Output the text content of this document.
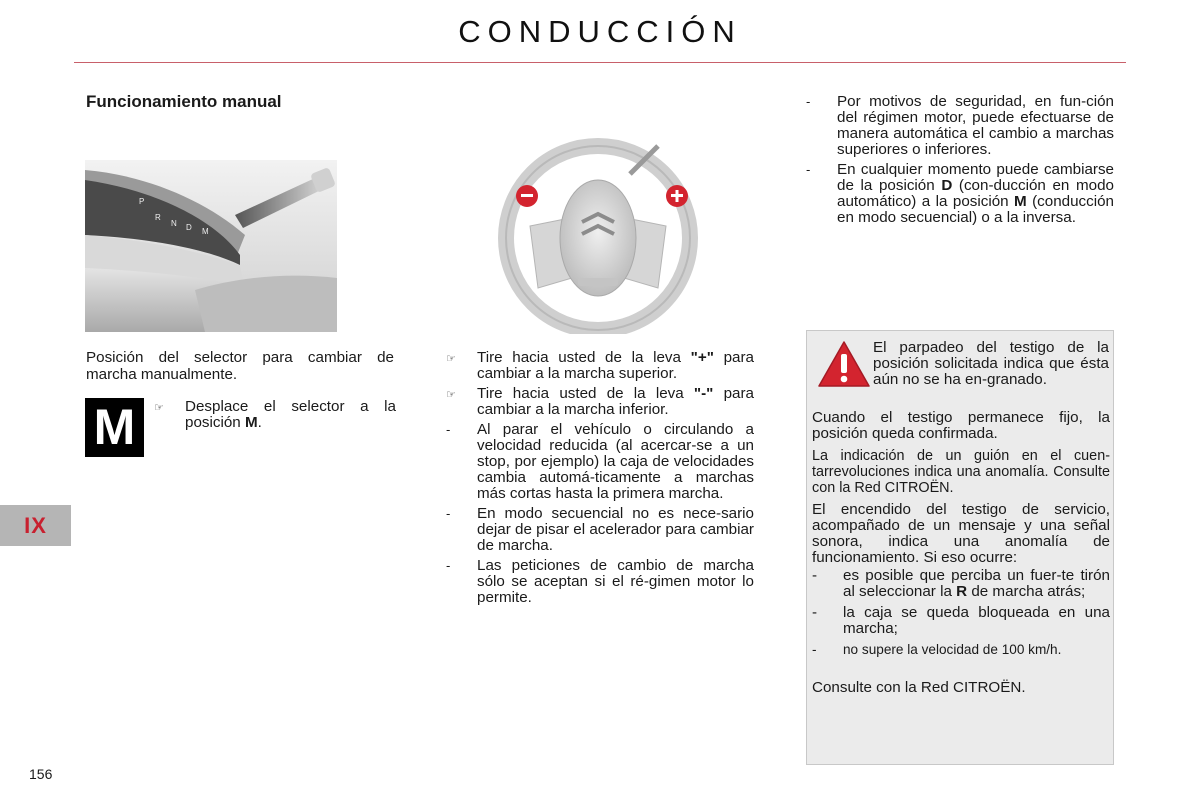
CONDUCCIÓN
Funcionamiento manual
P
R
N D M

Posición del selector para cambiar de marcha manualmente.

M	☞	Desplace el selector a la posición M.
☞	Tire hacia usted de la leva "+" para cambiar a la marcha superior.
☞	Tire hacia usted de la leva "-" para cambiar a la marcha inferior.
-	Al parar el vehículo o circulando a velocidad reducida (al acercar-se a un stop, por ejemplo) la caja de velocidades cambia automá-ticamente a marchas más cortas hasta la primera marcha.
-	En modo secuencial no es nece-sario dejar de pisar el acelerador para cambiar de marcha.
-	Las peticiones de cambio de marcha sólo se aceptan si el ré-gimen motor lo permite.
-	Por motivos de seguridad, en fun-ción del régimen motor, puede efectuarse de manera automática el cambio a marchas superiores o inferiores.
-	En cualquier momento puede cambiarse de la posición D (con-ducción en modo automático) a la posición M (conducción en modo secuencial) o a la inversa.
IX

El parpadeo del testigo de la posición solicitada indica que ésta aún no se ha en-granado.

Cuando el testigo permanece fijo, la posición queda confirmada.

La indicación de un guión en el cuen-tarrevoluciones indica una anomalía. Consulte con la Red CITROËN.

El encendido del testigo de servicio, acompañado de un mensaje y una señal sonora, indica una anomalía de funcionamiento. Si eso ocurre:

- es posible que perciba un fuer-te tirón al seleccionar la R de marcha atrás;
- la caja se queda bloqueada en una marcha;
- no supere la velocidad de 100 km/h.

Consulte con la Red CITROËN.

156
